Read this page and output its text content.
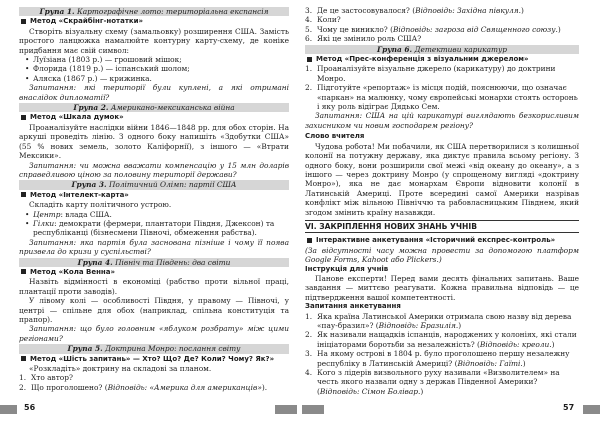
Група 1. Картографічне лото: територіальна експансія
Метод «Скрайбінг-нотатки»

Створіть візуальну схему (замальовку) розширення США. Замість простого ланцюжка намалюйте контурну карту-схему, де коніке придбання має свій символ:

• Луїзіана (1803 р.) — грошовий мішок;
• Флорида (1819 р.) — іспанський шолом;
• Аляска (1867 р.) — крижинка.

Запитання: які території були куплені, а які отримані внаслідок дипломатії?

Група 2. Американо-мексиканська війна
Метод «Шкала думок»

Проаналізуйте наслідки війни 1846—1848 рр. для обох сторін. На аркуші проведіть лінію. З одного боку напишіть «Здобутки США» (55 % нових земель, золото Каліфорнії), з іншого — «Втрати Мексики».

Запитання: чи можна вважати компенсацію у 15 млн доларів справедливою ціною за половину території держави?

Група 3. Політичний Олімп: партії США
Метод «Інтелект-карта»

Складіть карту політичного устрою.

• Центр: влада США.
• Гілки: демократи (фермери, плантатори Півдня, Джексон) та республіканці (бізнесмени Півночі, обмеження рабства).

Запитання: яка партія була заснована пізніше і чому її поява призвела до кризи у суспільстві?

Група 4. Північ та Південь: два світи
Метод «Кола Венна»

Назвіть відмінності в економіці (рабство проти вільної праці, плантації проти заводів).

У лівому колі — особливості Півдня, у правому — Півночі, у центрі — спільне для обох (наприклад, спільна конституція та прапор).

Запитання: що було головним «яблуком розбрату» між цими регіонами?

Група 5. Доктрина Монро: послання світу
Метод «Шість запитань» — Хто? Що? Де? Коли? Чому? Як?»

«Розкладіть» доктрину на складові за планом.

1. Хто автор?
2. Що проголошено? (Відповідь: «Америка для американців»).
3. Де це застосовувалося? (Відповідь: Західна півкуля.)
4. Коли?
5. Чому це виникло? (Відповідь: загроза від Священного союзу.)
6. Які це змінило роль США?
Група 6. Детективи карикатур
Метод «Прес-конференція з візуальним джерелом»
1. Проаналізуйте візуальне джерело (карикатуру) до доктрини Монро.
2. Підготуйте «репортаж» із місця подій, пояснюючи, що означає «паркан» на малюнку, чому європейські монархи стоять осторонь і яку роль відіграє Дядько Сем.

Запитання: США на цій карикатурі виглядають безкорисливим захисником чи новим господарем регіону?

Слово вчителя

Чудова робота! Ми побачили, як США перетворилися з колишньої колонії на потужну державу, яка диктує правила всьому регіону. З одного боку, вони розширили свої межі «від океану до океану», а з іншого — через доктрину Монро (у спрощеному вигляді «доктрину Монро»), яка не дає монархам Європи відновити колонії в Латинській Америці. Проте всередині самої Америки назрівав конфлікт між вільною Північчю та рабовласницьким Півднем, який згодом змінить країну назавжди.

VI. ЗАКРІПЛЕННЯ НОВИХ ЗНАНЬ УЧНІВ
Інтерактивне анкетування «Історичний експрес-контроль»

(За відсутності часу можна провести за допомогою платформ Google Forms, Kahoot або Plickers.)

Інструкція для учнів

Панове експерти! Перед вами десять фінальних запитань. Ваше завдання — миттєво реагувати. Кожна правильна відповідь — це підтвердження вашої компетентності.

Запитання анкетування
1. Яка країна Латинської Америки отримала свою назву від дерева «пау-бразил»? (Відповідь: Бразилія.)
2. Як називали нащадків іспанців, народжених у колоніях, які стали ініціаторами боротьби за незалежність? (Відповідь: креоли.)
3. На якому острові в 1804 р. було проголошено першу незалежну республіку в Латинській Америці? (Відповідь: Гаїті.)
4. Кого з лідерів визвольного руху називали «Визволителем» на честь якого назвали одну з держав Південної Америки? (Відповідь: Сімон Болівар.)
56	57
